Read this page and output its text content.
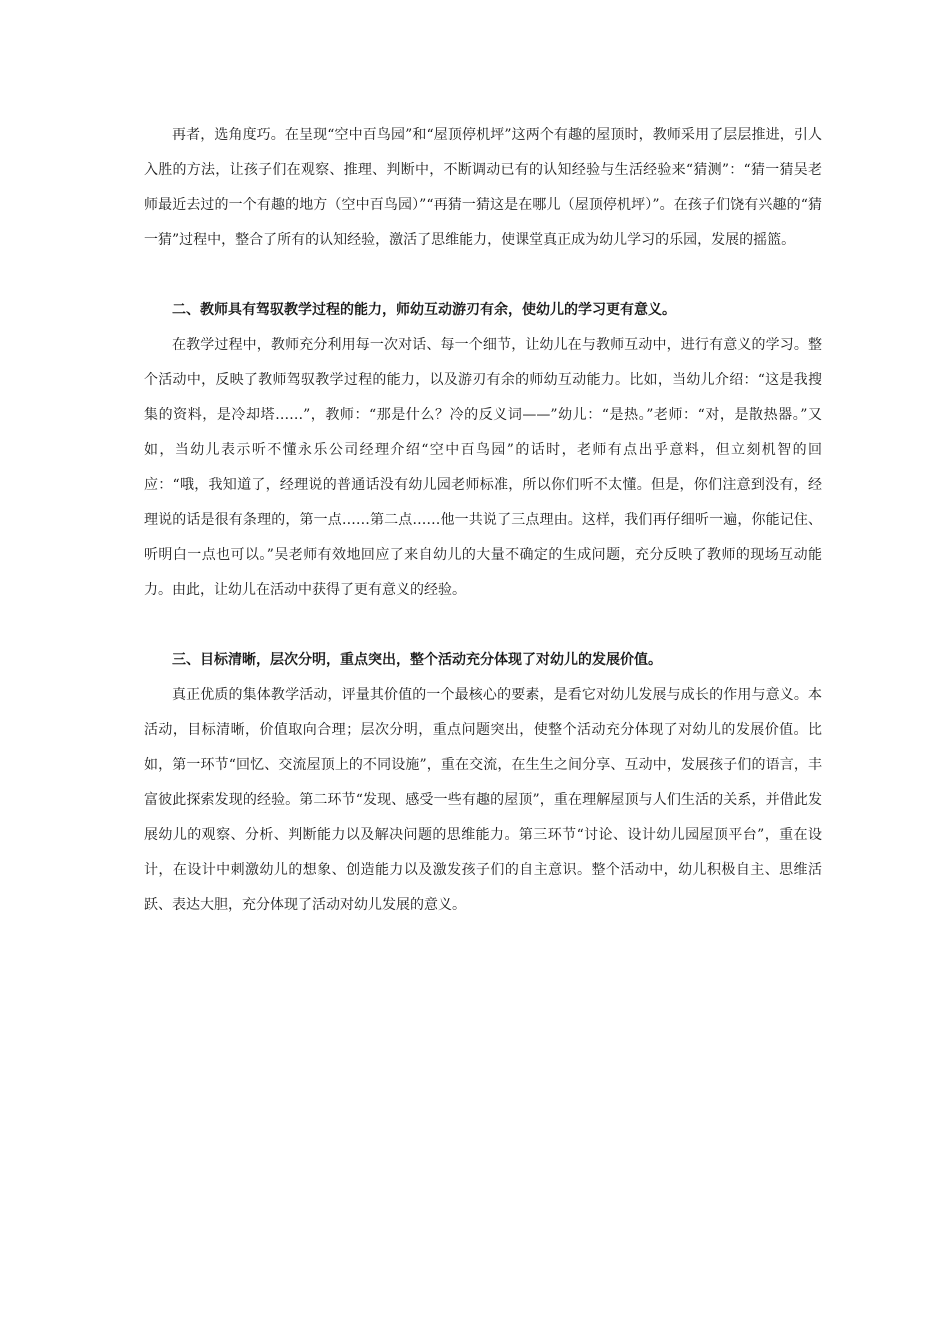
再者，选角度巧。在呈现“空中百鸟园”和“屋顶停机坪”这两个有趣的屋顶时，教师采用了层层推进，引人入胜的方法，让孩子们在观察、推理、判断中，不断调动已有的认知经验与生活经验来“猜测”：“猜一猜吴老师最近去过的一个有趣的地方（空中百鸟园）”“再猜一猜这是在哪儿（屋顶停机坪）”。在孩子们饶有兴趣的“猜一猜”过程中，整合了所有的认知经验，激活了思维能力，使课堂真正成为幼儿学习的乐园，发展的摇篮。

二、教师具有驾驭教学过程的能力，师幼互动游刃有余，使幼儿的学习更有意义。

在教学过程中，教师充分利用每一次对话、每一个细节，让幼儿在与教师互动中，进行有意义的学习。整个活动中，反映了教师驾驭教学过程的能力，以及游刃有余的师幼互动能力。比如，当幼儿介绍：“这是我搜集的资料，是冷却塔……”，教师：“那是什么？冷的反义词——”幼儿：“是热。”老师：“对，是散热器。”又如，当幼儿表示听不懂永乐公司经理介绍“空中百鸟园”的话时，老师有点出乎意料，但立刻机智的回应：“哦，我知道了，经理说的普通话没有幼儿园老师标准，所以你们听不太懂。但是，你们注意到没有，经理说的话是很有条理的，第一点……第二点……他一共说了三点理由。这样，我们再仔细听一遍，你能记住、听明白一点也可以。”吴老师有效地回应了来自幼儿的大量不确定的生成问题，充分反映了教师的现场互动能力。由此，让幼儿在活动中获得了更有意义的经验。

三、目标清晰，层次分明，重点突出，整个活动充分体现了对幼儿的发展价值。

真正优质的集体教学活动，评量其价值的一个最核心的要素，是看它对幼儿发展与成长的作用与意义。本活动，目标清晰，价值取向合理；层次分明，重点问题突出，使整个活动充分体现了对幼儿的发展价值。比如，第一环节“回忆、交流屋顶上的不同设施”，重在交流，在生生之间分享、互动中，发展孩子们的语言，丰富彼此探索发现的经验。第二环节“发现、感受一些有趣的屋顶”，重在理解屋顶与人们生活的关系，并借此发展幼儿的观察、分析、判断能力以及解决问题的思维能力。第三环节“讨论、设计幼儿园屋顶平台”，重在设计，在设计中刺激幼儿的想象、创造能力以及激发孩子们的自主意识。整个活动中，幼儿积极自主、思维活跃、表达大胆，充分体现了活动对幼儿发展的意义。
